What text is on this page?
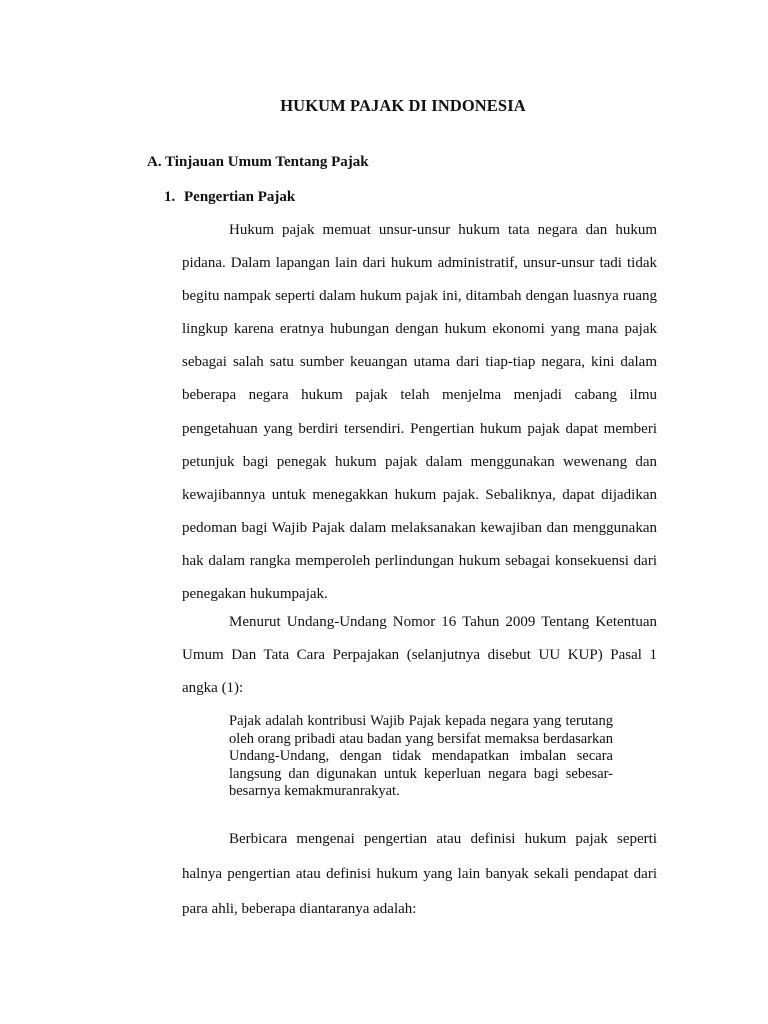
HUKUM PAJAK DI INDONESIA
A. Tinjauan Umum Tentang Pajak
1. Pengertian Pajak

Hukum pajak memuat unsur-unsur hukum tata negara dan hukum pidana. Dalam lapangan lain dari hukum administratif, unsur-unsur tadi tidak begitu nampak seperti dalam hukum pajak ini, ditambah dengan luasnya ruang lingkup karena eratnya hubungan dengan hukum ekonomi yang mana pajak sebagai salah satu sumber keuangan utama dari tiap-tiap negara, kini dalam beberapa negara hukum pajak telah menjelma menjadi cabang ilmu pengetahuan yang berdiri tersendiri. Pengertian hukum pajak dapat memberi petunjuk bagi penegak hukum pajak dalam menggunakan wewenang dan kewajibannya untuk menegakkan hukum pajak. Sebaliknya, dapat dijadikan pedoman bagi Wajib Pajak dalam melaksanakan kewajiban dan menggunakan hak dalam rangka memperoleh perlindungan hukum sebagai konsekuensi dari penegakan hukumpajak.

Menurut Undang-Undang Nomor 16 Tahun 2009 Tentang Ketentuan Umum Dan Tata Cara Perpajakan (selanjutnya disebut UU KUP) Pasal 1 angka (1):

Pajak adalah kontribusi Wajib Pajak kepada negara yang terutang oleh orang pribadi atau badan yang bersifat memaksa berdasarkan Undang-Undang, dengan tidak mendapatkan imbalan secara langsung dan digunakan untuk keperluan negara bagi sebesar-besarnya kemakmuranrakyat.

Berbicara mengenai pengertian atau definisi hukum pajak seperti halnya pengertian atau definisi hukum yang lain banyak sekali pendapat dari para ahli, beberapa diantaranya adalah:
